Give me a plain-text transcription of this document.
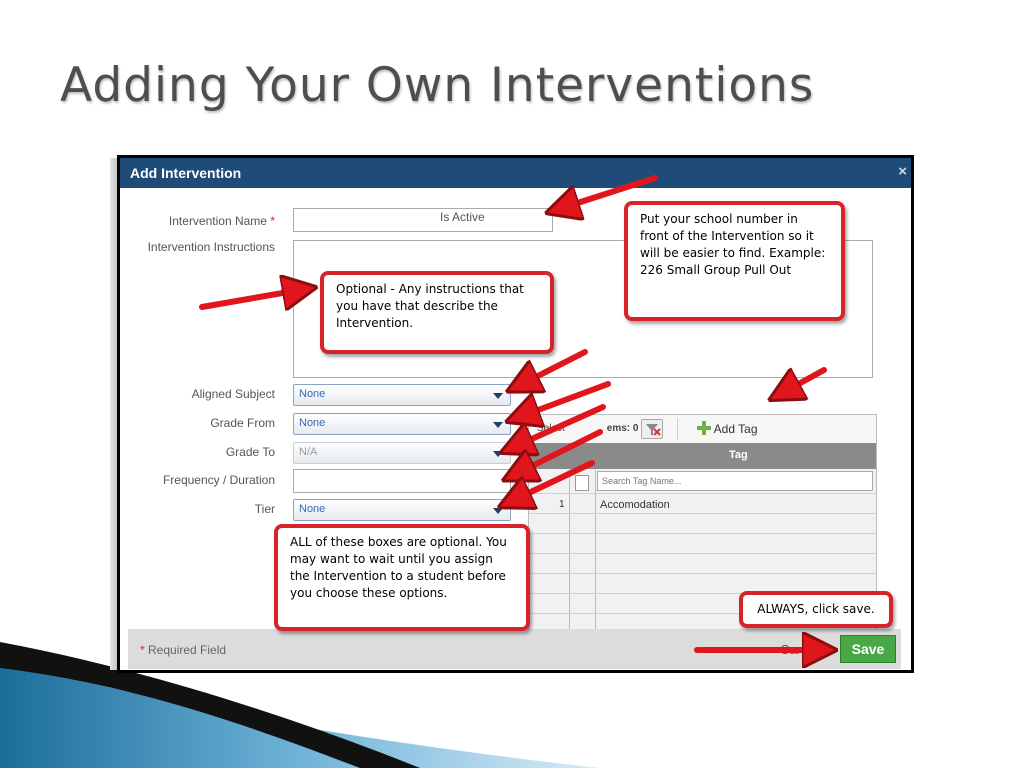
Adding Your Own Interventions
Add Intervention	×
Intervention Name *	Is Active
Intervention Instructions
Aligned Subject	None
Grade From	None
Grade To	N/A
Frequency / Duration
Tier	None
Select	ems: 0	Add Tag
Tag
Search Tag Name...
1	Accomodation
* Required Field	Cancel	Save
Put your school number in front of the Intervention so it will be easier to find. Example: 226 Small Group Pull Out
Optional - Any instructions that you have that describe the Intervention.
ALL of these boxes are optional. You may want to wait until you assign the Intervention to a student before you choose these options.
ALWAYS, click save.
